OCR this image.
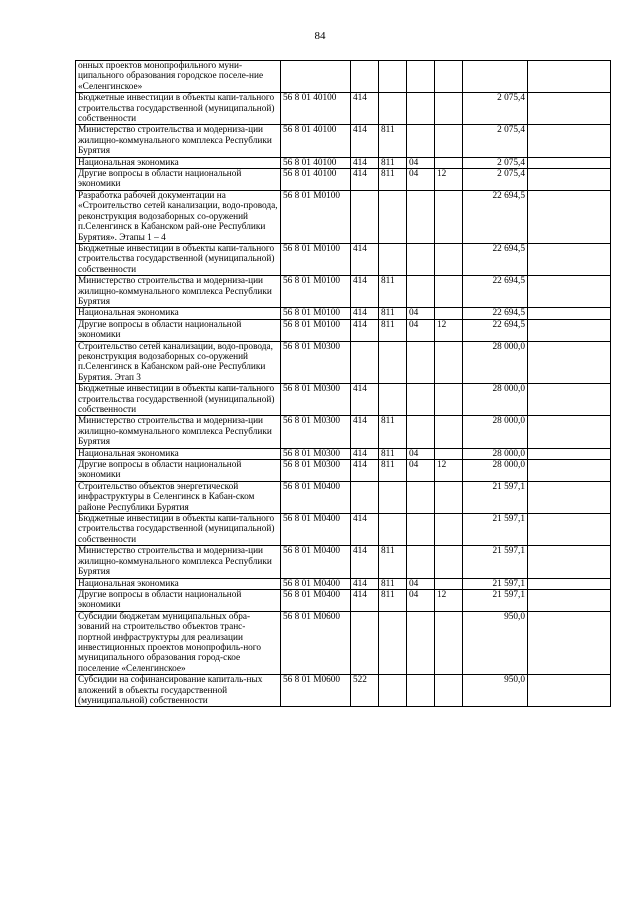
84
онных проектов монопрофильного муни-ципального образования городское поселе-ние «Селенгинское»							
Бюджетные инвестиции в объекты капи-тального строительства государственной (муниципальной) собственности	56 8 01 40100	414				2 075,4	
Министерство строительства и модерниза-ции жилищно-коммунального комплекса Республики Бурятия	56 8 01 40100	414	811			2 075,4	
Национальная экономика	56 8 01 40100	414	811	04		2 075,4	
Другие вопросы в области национальной экономики	56 8 01 40100	414	811	04	12	2 075,4	
Разработка рабочей документации на «Строительство сетей канализации, водо-провода, реконструкция водозаборных со-оружений п.Селенгинск в Кабанском рай-оне Республики Бурятия». Этапы 1 – 4	56 8 01 М0100					22 694,5	
Бюджетные инвестиции в объекты капи-тального строительства государственной (муниципальной) собственности	56 8 01 М0100	414				22 694,5	
Министерство строительства и модерниза-ции жилищно-коммунального комплекса Республики Бурятия	56 8 01 М0100	414	811			22 694,5	
Национальная экономика	56 8 01 М0100	414	811	04		22 694,5	
Другие вопросы в области национальной экономики	56 8 01 М0100	414	811	04	12	22 694,5	
Строительство сетей канализации, водо-провода, реконструкция водозаборных со-оружений п.Селенгинск в Кабанском рай-оне Республики Бурятия. Этап 3	56 8 01 М0300					28 000,0	
Бюджетные инвестиции в объекты капи-тального строительства государственной (муниципальной) собственности	56 8 01 М0300	414				28 000,0	
Министерство строительства и модерниза-ции жилищно-коммунального комплекса Республики Бурятия	56 8 01 М0300	414	811			28 000,0	
Национальная экономика	56 8 01 М0300	414	811	04		28 000,0	
Другие вопросы в области национальной экономики	56 8 01 М0300	414	811	04	12	28 000,0	
Строительство объектов энергетической инфраструктуры в Селенгинск в Кабан-ском районе Республики Бурятия	56 8 01 М0400					21 597,1	
Бюджетные инвестиции в объекты капи-тального строительства государственной (муниципальной) собственности	56 8 01 М0400	414				21 597,1	
Министерство строительства и модерниза-ции жилищно-коммунального комплекса Республики Бурятия	56 8 01 М0400	414	811			21 597,1	
Национальная экономика	56 8 01 М0400	414	811	04		21 597,1	
Другие вопросы в области национальной экономики	56 8 01 М0400	414	811	04	12	21 597,1	
Субсидии бюджетам муниципальных обра-зований на строительство объектов транс-портной инфраструктуры для реализации инвестиционных проектов монопрофиль-ного муниципального образования город-ское поселение «Селенгинское»	56 8 01 М0600					950,0	
Субсидии на софинансирование капиталь-ных вложений в объекты государственной (муниципальной) собственности	56 8 01 М0600	522				950,0	
